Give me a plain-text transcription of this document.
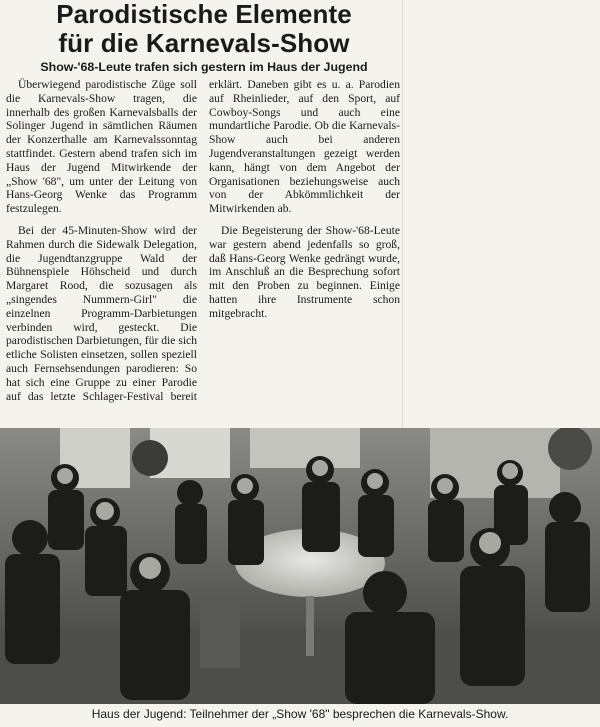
Parodistische Elemente
für die Karnevals-Show

Show-'68-Leute trafen sich gestern im Haus der Jugend

Überwiegend parodistische Züge soll die Karnevals-Show tragen, die innerhalb des großen Karnevalsballs der Solinger Jugend in sämtlichen Räumen der Konzerthalle am Karnevalssonntag stattfindet. Gestern abend trafen sich im Haus der Jugend Mitwirkende der „Show '68", um unter der Leitung von Hans-Georg Wenke das Programm festzulegen.

Bei der 45-Minuten-Show wird der Rahmen durch die Sidewalk Delegation, die Jugendtanzgruppe Wald der Bühnenspiele Höhscheid und durch Margaret Rood, die sozusagen als „singendes Nummern-Girl" die einzelnen Programm-Darbietungen verbinden wird, gesteckt. Die parodistischen Darbietungen, für die sich etliche Solisten einsetzen, sollen speziell auch Fernsehsendungen parodieren: So hat sich eine Gruppe zu einer Parodie auf das letzte Schlager-Festival bereit erklärt. Daneben gibt es u. a. Parodien auf Rheinlieder, auf den Sport, auf Cowboy-Songs und auch eine mundartliche Parodie. Ob die Karnevals-Show auch bei anderen Jugendveranstaltungen gezeigt werden kann, hängt von dem Angebot der Organisationen beziehungsweise auch von der Abkömmlichkeit der Mitwirkenden ab.

Die Begeisterung der Show-'68-Leute war gestern abend jedenfalls so groß, daß Hans-Georg Wenke gedrängt wurde, im Anschluß an die Besprechung sofort mit den Proben zu beginnen. Einige hatten ihre Instrumente schon mitgebracht.

Haus der Jugend: Teilnehmer der „Show '68" besprechen die Karnevals-Show.
